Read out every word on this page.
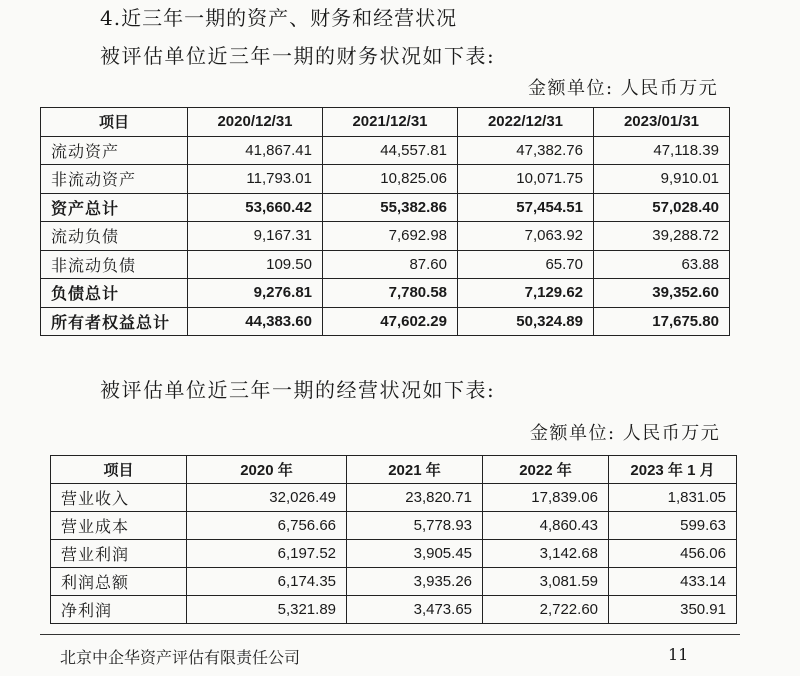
4.近三年一期的资产、财务和经营状况
被评估单位近三年一期的财务状况如下表:
金额单位: 人民币万元
项目	2020/12/31	2021/12/31	2022/12/31	2023/01/31
流动资产	41,867.41	44,557.81	47,382.76	47,118.39
非流动资产	11,793.01	10,825.06	10,071.75	9,910.01
资产总计	53,660.42	55,382.86	57,454.51	57,028.40
流动负债	9,167.31	7,692.98	7,063.92	39,288.72
非流动负债	109.50	87.60	65.70	63.88
负债总计	9,276.81	7,780.58	7,129.62	39,352.60
所有者权益总计	44,383.60	47,602.29	50,324.89	17,675.80
被评估单位近三年一期的经营状况如下表:
金额单位: 人民币万元
项目	2020 年	2021 年	2022 年	2023 年 1 月
营业收入	32,026.49	23,820.71	17,839.06	1,831.05
营业成本	6,756.66	5,778.93	4,860.43	599.63
营业利润	6,197.52	3,905.45	3,142.68	456.06
利润总额	6,174.35	3,935.26	3,081.59	433.14
净利润	5,321.89	3,473.65	2,722.60	350.91
北京中企华资产评估有限责任公司	11
